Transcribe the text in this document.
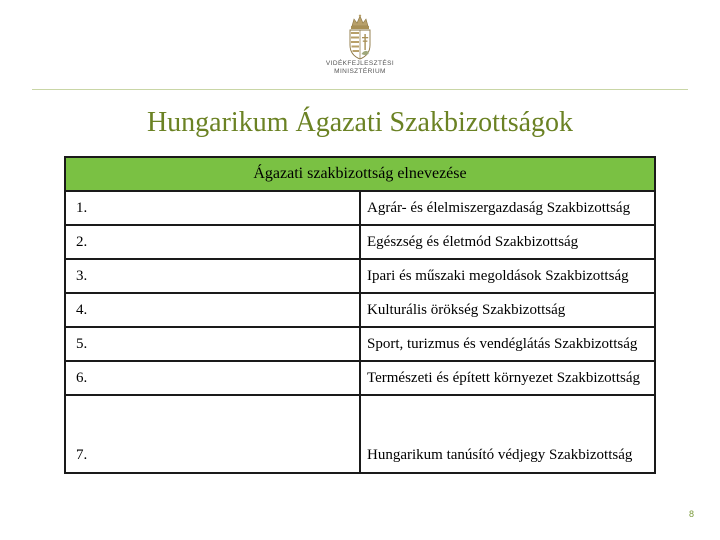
VIDÉKFEJLESZTÉSI
MINISZTÉRIUM
Hungarikum Ágazati Szakbizottságok
Ágazati szakbizottság elnevezése	
1.	Agrár- és élelmiszergazdaság Szakbizottság
2.	Egészség és életmód Szakbizottság
3.	Ipari és műszaki megoldások Szakbizottság
4.	Kulturális örökség Szakbizottság
5.	Sport, turizmus és vendéglátás Szakbizottság
6.	Természeti és épített környezet Szakbizottság
7.	Hungarikum tanúsító védjegy Szakbizottság
8
